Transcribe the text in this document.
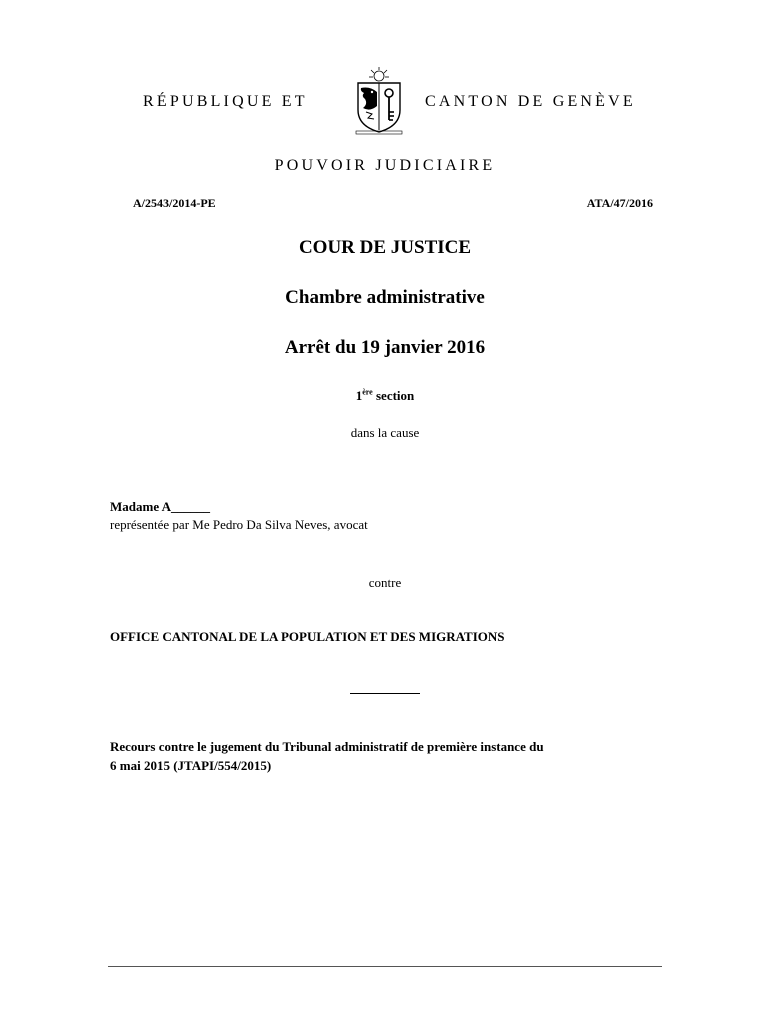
RÉPUBLIQUE ET	CANTON DE GENÈVE
POUVOIR JUDICIAIRE
A/2543/2014-PE	ATA/47/2016
COUR DE JUSTICE
Chambre administrative
Arrêt du 19 janvier 2016
1ère section
dans la cause
Madame A______
représentée par Me Pedro Da Silva Neves, avocat
contre
OFFICE CANTONAL DE LA POPULATION ET DES MIGRATIONS
Recours contre le jugement du Tribunal administratif de première instance du
6 mai 2015 (JTAPI/554/2015)
